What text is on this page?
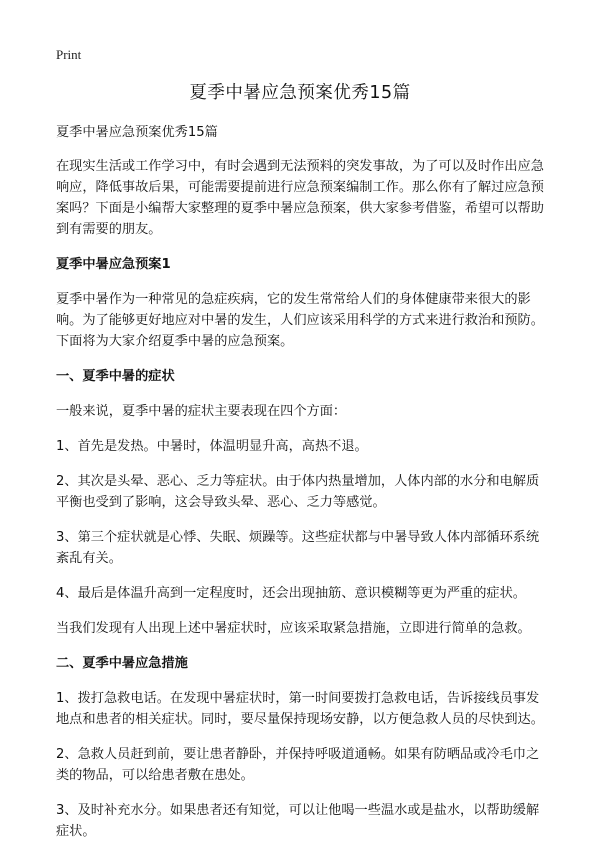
Print
夏季中暑应急预案优秀15篇

夏季中暑应急预案优秀15篇

在现实生活或工作学习中，有时会遇到无法预料的突发事故，为了可以及时作出应急响应，降低事故后果，可能需要提前进行应急预案编制工作。那么你有了解过应急预案吗？下面是小编帮大家整理的夏季中暑应急预案，供大家参考借鉴，希望可以帮助到有需要的朋友。

夏季中暑应急预案1

夏季中暑作为一种常见的急症疾病，它的发生常常给人们的身体健康带来很大的影响。为了能够更好地应对中暑的发生，人们应该采用科学的方式来进行救治和预防。下面将为大家介绍夏季中暑的应急预案。

一、夏季中暑的症状

一般来说，夏季中暑的症状主要表现在四个方面：

1、首先是发热。中暑时，体温明显升高，高热不退。

2、其次是头晕、恶心、乏力等症状。由于体内热量增加，人体内部的水分和电解质平衡也受到了影响，这会导致头晕、恶心、乏力等感觉。

3、第三个症状就是心悸、失眠、烦躁等。这些症状都与中暑导致人体内部循环系统紊乱有关。

4、最后是体温升高到一定程度时，还会出现抽筋、意识模糊等更为严重的症状。

当我们发现有人出现上述中暑症状时，应该采取紧急措施，立即进行简单的急救。

二、夏季中暑应急措施

1、拨打急救电话。在发现中暑症状时，第一时间要拨打急救电话，告诉接线员事发地点和患者的相关症状。同时，要尽量保持现场安静，以方便急救人员的尽快到达。

2、急救人员赶到前，要让患者静卧，并保持呼吸道通畅。如果有防晒品或冷毛巾之类的物品，可以给患者敷在患处。

3、及时补充水分。如果患者还有知觉，可以让他喝一些温水或是盐水，以帮助缓解症状。
